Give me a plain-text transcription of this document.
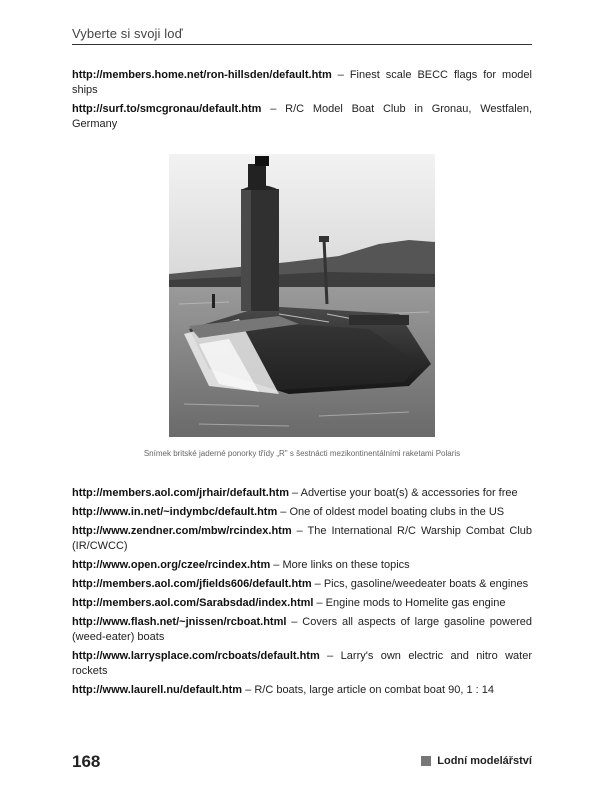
Vyberte si svoji loď
http://members.home.net/ron-hillsden/default.htm – Finest scale BECC flags for model ships
http://surf.to/smcgronau/default.htm – R/C Model Boat Club in Gronau, Westfalen, Germany
Snímek britské jaderné ponorky třídy „R" s šestnácti mezikontinentálními raketami Polaris
http://members.aol.com/jrhair/default.htm – Advertise your boat(s) & accessories for free
http://www.in.net/~indymbc/default.htm – One of oldest model boating clubs in the US
http://www.zendner.com/mbw/rcindex.htm – The International R/C Warship Combat Club (IR/CWCC)
http://www.open.org/czee/rcindex.htm – More links on these topics
http://members.aol.com/jfields606/default.htm – Pics, gasoline/weedeater boats & engines
http://members.aol.com/Sarabsdad/index.html – Engine mods to Homelite gas engine
http://www.flash.net/~jnissen/rcboat.html – Covers all aspects of large gasoline powered (weed-eater) boats
http://www.larrysplace.com/rcboats/default.htm – Larry's own electric and nitro water rockets
http://www.laurell.nu/default.htm – R/C boats, large article on combat boat 90, 1 : 14
168	Lodní modelářství
